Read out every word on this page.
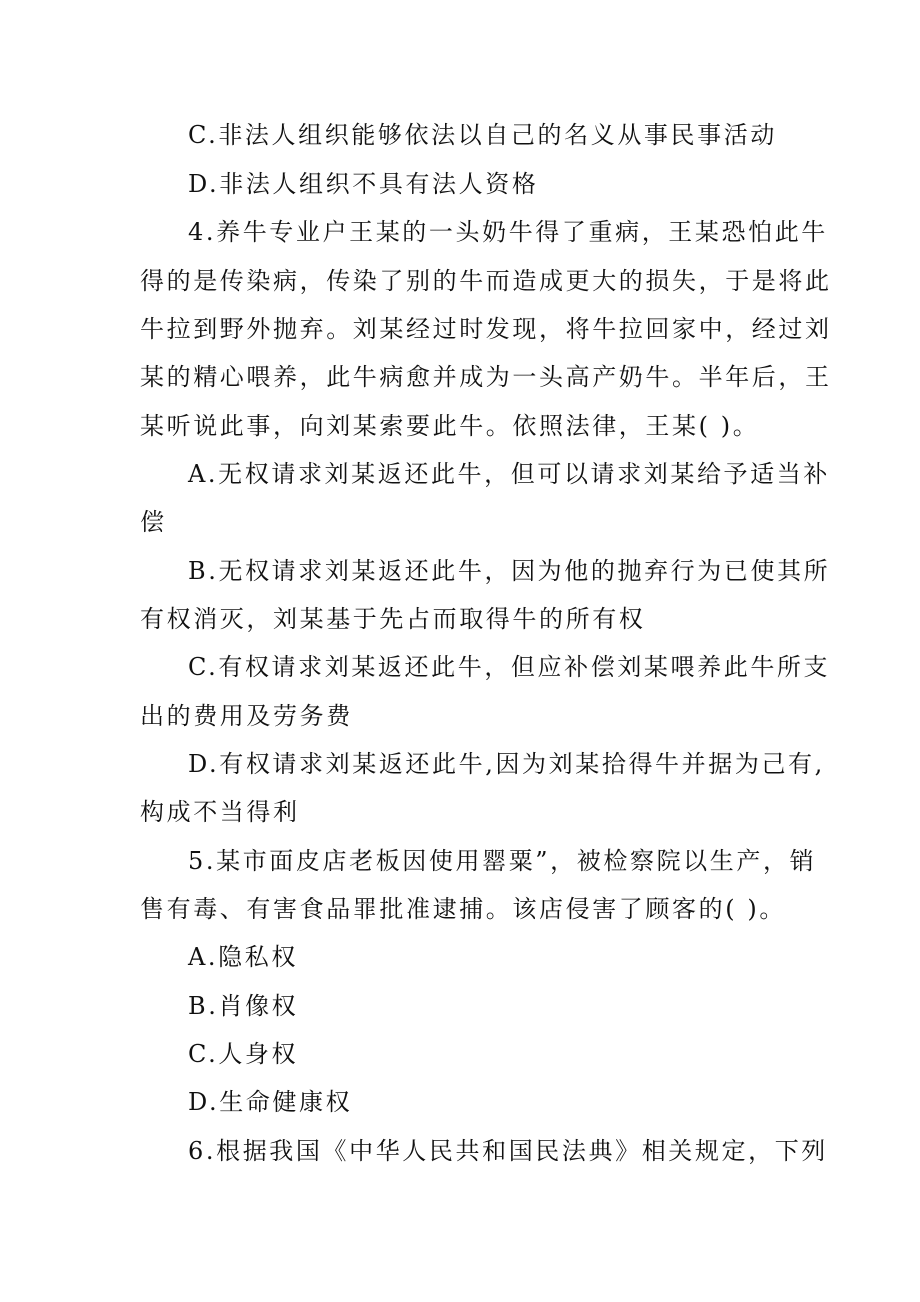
C.非法人组织能够依法以自己的名义从事民事活动
D.非法人组织不具有法人资格
4.养牛专业户王某的一头奶牛得了重病，王某恐怕此牛
得的是传染病，传染了别的牛而造成更大的损失，于是将此
牛拉到野外抛弃。刘某经过时发现，将牛拉回家中，经过刘
某的精心喂养，此牛病愈并成为一头高产奶牛。半年后，王
某听说此事，向刘某索要此牛。依照法律，王某( )。
A.无权请求刘某返还此牛，但可以请求刘某给予适当补
偿
B.无权请求刘某返还此牛，因为他的抛弃行为已使其所
有权消灭，刘某基于先占而取得牛的所有权
C.有权请求刘某返还此牛，但应补偿刘某喂养此牛所支
出的费用及劳务费
D.有权请求刘某返还此牛,因为刘某拾得牛并据为己有,
构成不当得利
5.某市面皮店老板因使用罂粟”，被检察院以生产，销
售有毒、有害食品罪批准逮捕。该店侵害了顾客的( )。
A.隐私权
B.肖像权
C.人身权
D.生命健康权
6.根据我国《中华人民共和国民法典》相关规定，下列
